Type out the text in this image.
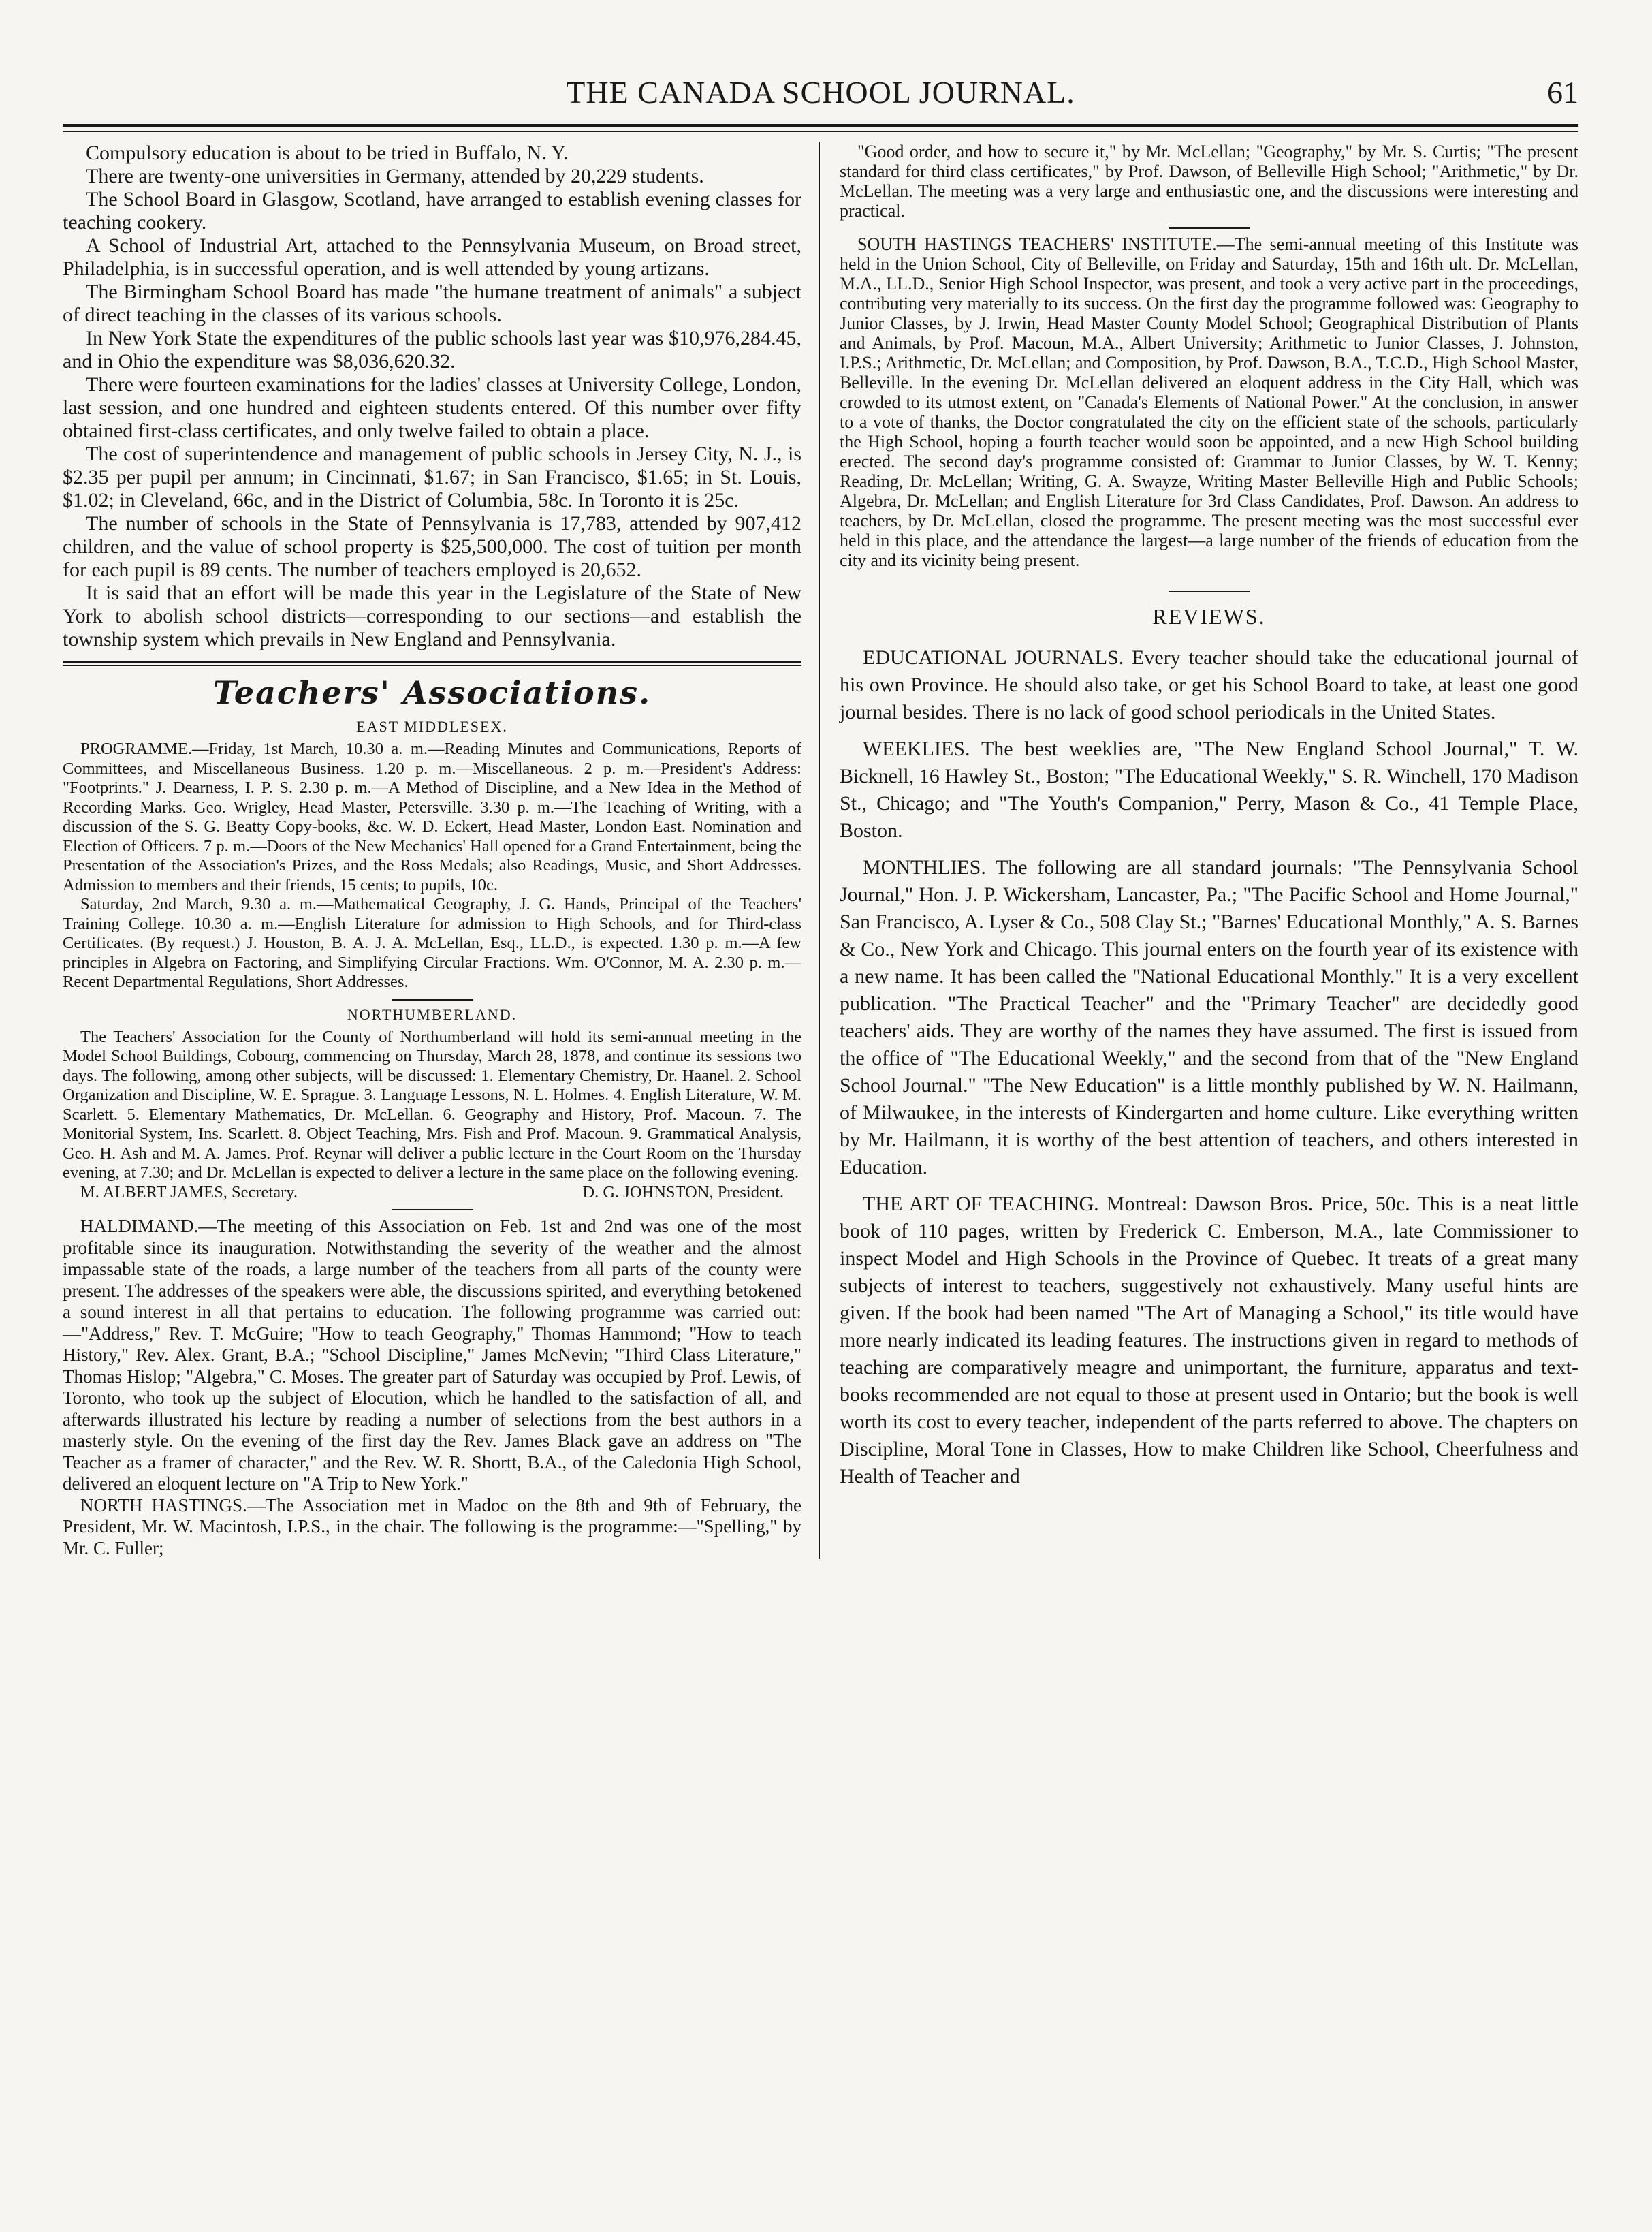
THE CANADA SCHOOL JOURNAL.	61

Compulsory education is about to be tried in Buffalo, N. Y.

There are twenty-one universities in Germany, attended by 20,229 students.

The School Board in Glasgow, Scotland, have arranged to establish evening classes for teaching cookery.

A School of Industrial Art, attached to the Pennsylvania Museum, on Broad street, Philadelphia, is in successful operation, and is well attended by young artizans.

The Birmingham School Board has made "the humane treatment of animals" a subject of direct teaching in the classes of its various schools.

In New York State the expenditures of the public schools last year was $10,976,284.45, and in Ohio the expenditure was $8,036,620.32.

There were fourteen examinations for the ladies' classes at University College, London, last session, and one hundred and eighteen students entered. Of this number over fifty obtained first-class certificates, and only twelve failed to obtain a place.

The cost of superintendence and management of public schools in Jersey City, N. J., is $2.35 per pupil per annum; in Cincinnati, $1.67; in San Francisco, $1.65; in St. Louis, $1.02; in Cleveland, 66c, and in the District of Columbia, 58c. In Toronto it is 25c.

The number of schools in the State of Pennsylvania is 17,783, attended by 907,412 children, and the value of school property is $25,500,000. The cost of tuition per month for each pupil is 89 cents. The number of teachers employed is 20,652.

It is said that an effort will be made this year in the Legislature of the State of New York to abolish school districts—corresponding to our sections—and establish the township system which prevails in New England and Pennsylvania.

Teachers' Associations.
EAST MIDDLESEX.

PROGRAMME.—Friday, 1st March, 10.30 a. m.—Reading Minutes and Communications, Reports of Committees, and Miscellaneous Business. 1.20 p. m.—Miscellaneous. 2 p. m.—President's Address: "Footprints." J. Dearness, I. P. S. 2.30 p. m.—A Method of Discipline, and a New Idea in the Method of Recording Marks. Geo. Wrigley, Head Master, Petersville. 3.30 p. m.—The Teaching of Writing, with a discussion of the S. G. Beatty Copy-books, &c. W. D. Eckert, Head Master, London East. Nomination and Election of Officers. 7 p. m.—Doors of the New Mechanics' Hall opened for a Grand Entertainment, being the Presentation of the Association's Prizes, and the Ross Medals; also Readings, Music, and Short Addresses. Admission to members and their friends, 15 cents; to pupils, 10c.

Saturday, 2nd March, 9.30 a. m.—Mathematical Geography, J. G. Hands, Principal of the Teachers' Training College. 10.30 a. m.—English Literature for admission to High Schools, and for Third-class Certificates. (By request.) J. Houston, B. A. J. A. McLellan, Esq., LL.D., is expected. 1.30 p. m.—A few principles in Algebra on Factoring, and Simplifying Circular Fractions. Wm. O'Connor, M. A. 2.30 p. m.—Recent Departmental Regulations, Short Addresses.

NORTHUMBERLAND.

The Teachers' Association for the County of Northumberland will hold its semi-annual meeting in the Model School Buildings, Cobourg, commencing on Thursday, March 28, 1878, and continue its sessions two days. The following, among other subjects, will be discussed: 1. Elementary Chemistry, Dr. Haanel. 2. School Organization and Discipline, W. E. Sprague. 3. Language Lessons, N. L. Holmes. 4. English Literature, W. M. Scarlett. 5. Elementary Mathematics, Dr. McLellan. 6. Geography and History, Prof. Macoun. 7. The Monitorial System, Ins. Scarlett. 8. Object Teaching, Mrs. Fish and Prof. Macoun. 9. Grammatical Analysis, Geo. H. Ash and M. A. James. Prof. Reynar will deliver a public lecture in the Court Room on the Thursday evening, at 7.30; and Dr. McLellan is expected to deliver a lecture in the same place on the following evening.

M. ALBERT JAMES, Secretary.	D. G. JOHNSTON, President.

HALDIMAND.—The meeting of this Association on Feb. 1st and 2nd was one of the most profitable since its inauguration. Notwithstanding the severity of the weather and the almost impassable state of the roads, a large number of the teachers from all parts of the county were present. The addresses of the speakers were able, the discussions spirited, and everything betokened a sound interest in all that pertains to education. The following programme was carried out:—"Address," Rev. T. McGuire; "How to teach Geography," Thomas Hammond; "How to teach History," Rev. Alex. Grant, B.A.; "School Discipline," James McNevin; "Third Class Literature," Thomas Hislop; "Algebra," C. Moses. The greater part of Saturday was occupied by Prof. Lewis, of Toronto, who took up the subject of Elocution, which he handled to the satisfaction of all, and afterwards illustrated his lecture by reading a number of selections from the best authors in a masterly style. On the evening of the first day the Rev. James Black gave an address on "The Teacher as a framer of character," and the Rev. W. R. Shortt, B.A., of the Caledonia High School, delivered an eloquent lecture on "A Trip to New York."

NORTH HASTINGS.—The Association met in Madoc on the 8th and 9th of February, the President, Mr. W. Macintosh, I.P.S., in the chair. The following is the programme:—"Spelling," by Mr. C. Fuller;

"Good order, and how to secure it," by Mr. McLellan; "Geography," by Mr. S. Curtis; "The present standard for third class certificates," by Prof. Dawson, of Belleville High School; "Arithmetic," by Dr. McLellan. The meeting was a very large and enthusiastic one, and the discussions were interesting and practical.

SOUTH HASTINGS TEACHERS' INSTITUTE.—The semi-annual meeting of this Institute was held in the Union School, City of Belleville, on Friday and Saturday, 15th and 16th ult. Dr. McLellan, M.A., LL.D., Senior High School Inspector, was present, and took a very active part in the proceedings, contributing very materially to its success. On the first day the programme followed was: Geography to Junior Classes, by J. Irwin, Head Master County Model School; Geographical Distribution of Plants and Animals, by Prof. Macoun, M.A., Albert University; Arithmetic to Junior Classes, J. Johnston, I.P.S.; Arithmetic, Dr. McLellan; and Composition, by Prof. Dawson, B.A., T.C.D., High School Master, Belleville. In the evening Dr. McLellan delivered an eloquent address in the City Hall, which was crowded to its utmost extent, on "Canada's Elements of National Power." At the conclusion, in answer to a vote of thanks, the Doctor congratulated the city on the efficient state of the schools, particularly the High School, hoping a fourth teacher would soon be appointed, and a new High School building erected. The second day's programme consisted of: Grammar to Junior Classes, by W. T. Kenny; Reading, Dr. McLellan; Writing, G. A. Swayze, Writing Master Belleville High and Public Schools; Algebra, Dr. McLellan; and English Literature for 3rd Class Candidates, Prof. Dawson. An address to teachers, by Dr. McLellan, closed the programme. The present meeting was the most successful ever held in this place, and the attendance the largest—a large number of the friends of education from the city and its vicinity being present.

REVIEWS.

EDUCATIONAL JOURNALS. Every teacher should take the educational journal of his own Province. He should also take, or get his School Board to take, at least one good journal besides. There is no lack of good school periodicals in the United States.

WEEKLIES. The best weeklies are, "The New England School Journal," T. W. Bicknell, 16 Hawley St., Boston; "The Educational Weekly," S. R. Winchell, 170 Madison St., Chicago; and "The Youth's Companion," Perry, Mason & Co., 41 Temple Place, Boston.

MONTHLIES. The following are all standard journals: "The Pennsylvania School Journal," Hon. J. P. Wickersham, Lancaster, Pa.; "The Pacific School and Home Journal," San Francisco, A. Lyser & Co., 508 Clay St.; "Barnes' Educational Monthly," A. S. Barnes & Co., New York and Chicago. This journal enters on the fourth year of its existence with a new name. It has been called the "National Educational Monthly." It is a very excellent publication. "The Practical Teacher" and the "Primary Teacher" are decidedly good teachers' aids. They are worthy of the names they have assumed. The first is issued from the office of "The Educational Weekly," and the second from that of the "New England School Journal." "The New Education" is a little monthly published by W. N. Hailmann, of Milwaukee, in the interests of Kindergarten and home culture. Like everything written by Mr. Hailmann, it is worthy of the best attention of teachers, and others interested in Education.

THE ART OF TEACHING. Montreal: Dawson Bros. Price, 50c. This is a neat little book of 110 pages, written by Frederick C. Emberson, M.A., late Commissioner to inspect Model and High Schools in the Province of Quebec. It treats of a great many subjects of interest to teachers, suggestively not exhaustively. Many useful hints are given. If the book had been named "The Art of Managing a School," its title would have more nearly indicated its leading features. The instructions given in regard to methods of teaching are comparatively meagre and unimportant, the furniture, apparatus and text-books recommended are not equal to those at present used in Ontario; but the book is well worth its cost to every teacher, independent of the parts referred to above. The chapters on Discipline, Moral Tone in Classes, How to make Children like School, Cheerfulness and Health of Teacher and
